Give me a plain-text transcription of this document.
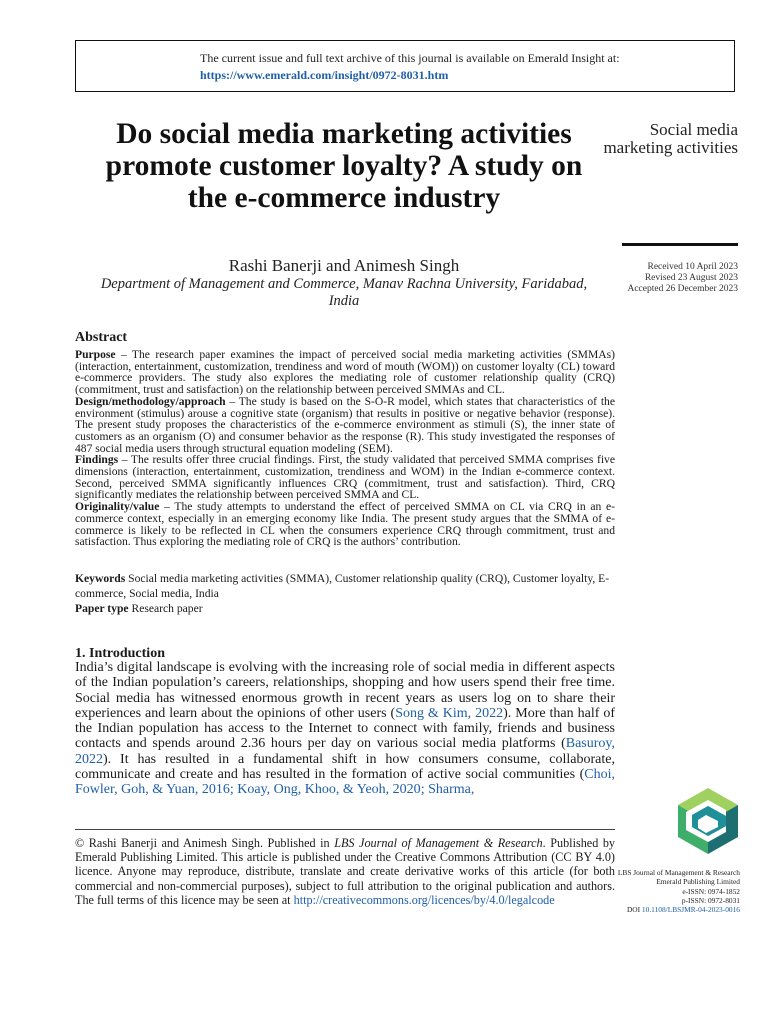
The current issue and full text archive of this journal is available on Emerald Insight at:
https://www.emerald.com/insight/0972-8031.htm
Do social media marketing activities promote customer loyalty? A study on the e-commerce industry
Rashi Banerji and Animesh Singh
Department of Management and Commerce, Manav Rachna University, Faridabad, India
Social media marketing activities
Received 10 April 2023
Revised 23 August 2023
Accepted 26 December 2023
Abstract

Purpose – The research paper examines the impact of perceived social media marketing activities (SMMAs) (interaction, entertainment, customization, trendiness and word of mouth (WOM)) on customer loyalty (CL) toward e-commerce providers. The study also explores the mediating role of customer relationship quality (CRQ) (commitment, trust and satisfaction) on the relationship between perceived SMMAs and CL.

Design/methodology/approach – The study is based on the S-O-R model, which states that characteristics of the environment (stimulus) arouse a cognitive state (organism) that results in positive or negative behavior (response). The present study proposes the characteristics of the e-commerce environment as stimuli (S), the inner state of customers as an organism (O) and consumer behavior as the response (R). This study investigated the responses of 487 social media users through structural equation modeling (SEM).

Findings – The results offer three crucial findings. First, the study validated that perceived SMMA comprises five dimensions (interaction, entertainment, customization, trendiness and WOM) in the Indian e-commerce context. Second, perceived SMMA significantly influences CRQ (commitment, trust and satisfaction). Third, CRQ significantly mediates the relationship between perceived SMMA and CL.

Originality/value – The study attempts to understand the effect of perceived SMMA on CL via CRQ in an e-commerce context, especially in an emerging economy like India. The present study argues that the SMMA of e-commerce is likely to be reflected in CL when the consumers experience CRQ through commitment, trust and satisfaction. Thus exploring the mediating role of CRQ is the authors’ contribution.

Keywords Social media marketing activities (SMMA), Customer relationship quality (CRQ), Customer loyalty, E-commerce, Social media, India
Paper type Research paper
1. Introduction
India’s digital landscape is evolving with the increasing role of social media in different aspects of the Indian population’s careers, relationships, shopping and how users spend their free time. Social media has witnessed enormous growth in recent years as users log on to share their experiences and learn about the opinions of other users (Song & Kim, 2022). More than half of the Indian population has access to the Internet to connect with family, friends and business contacts and spends around 2.36 hours per day on various social media platforms (Basuroy, 2022). It has resulted in a fundamental shift in how consumers consume, collaborate, communicate and create and has resulted in the formation of active social communities (Choi, Fowler, Goh, & Yuan, 2016; Koay, Ong, Khoo, & Yeoh, 2020; Sharma,
© Rashi Banerji and Animesh Singh. Published in LBS Journal of Management & Research. Published by Emerald Publishing Limited. This article is published under the Creative Commons Attribution (CC BY 4.0) licence. Anyone may reproduce, distribute, translate and create derivative works of this article (for both commercial and non-commercial purposes), subject to full attribution to the original publication and authors. The full terms of this licence may be seen at http://creativecommons.org/licences/by/4.0/legalcode
LBS Journal of Management & Research
Emerald Publishing Limited
e-ISSN: 0974-1852
p-ISSN: 0972-8031
DOI 10.1108/LBSJMR-04-2023-0016
